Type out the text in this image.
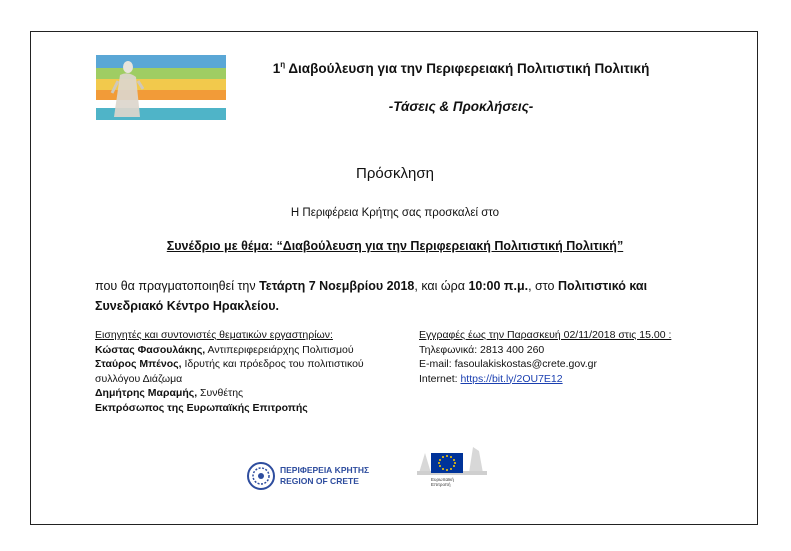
$1^\eta$ Διαβούλευση για την Περιφερειακή Πολιτιστική Πολιτική
-Τάσεις & Προκλήσεις-
Πρόσκληση
Η Περιφέρεια Κρήτης σας προσκαλεί στο
Συνέδριο με θέμα: “Διαβούλευση για την Περιφερειακή Πολιτιστική Πολιτική”
που θα πραγματοποιηθεί την Τετάρτη 7 Νοεμβρίου 2018, και ώρα 10:00 π.μ., στο Πολιτιστικό και Συνεδριακό Κέντρο Ηρακλείου.
Εισηγητές και συντονιστές θεματικών εργαστηρίων:
Κώστας Φασουλάκης, Αντιπεριφερειάρχης Πολιτισμού
Σταύρος Μπένος, Ιδρυτής και πρόεδρος του πολιτιστικού συλλόγου Διάζωμα
Δημήτρης Μαραμής, Συνθέτης
Εκπρόσωπος της Ευρωπαϊκής Επιτροπής
Εγγραφές έως την Παρασκευή 02/11/2018 στις 15.00 :
Τηλεφωνικά: 2813 400 260
E-mail: fasoulakiskostas@crete.gov.gr
Internet: https://bit.ly/2OU7E12
ΠΕΡΙΦΕΡΕΙΑ ΚΡΗΤΗΣ
REGION OF CRETE	Ευρωπαϊκή
Επιτροπή
